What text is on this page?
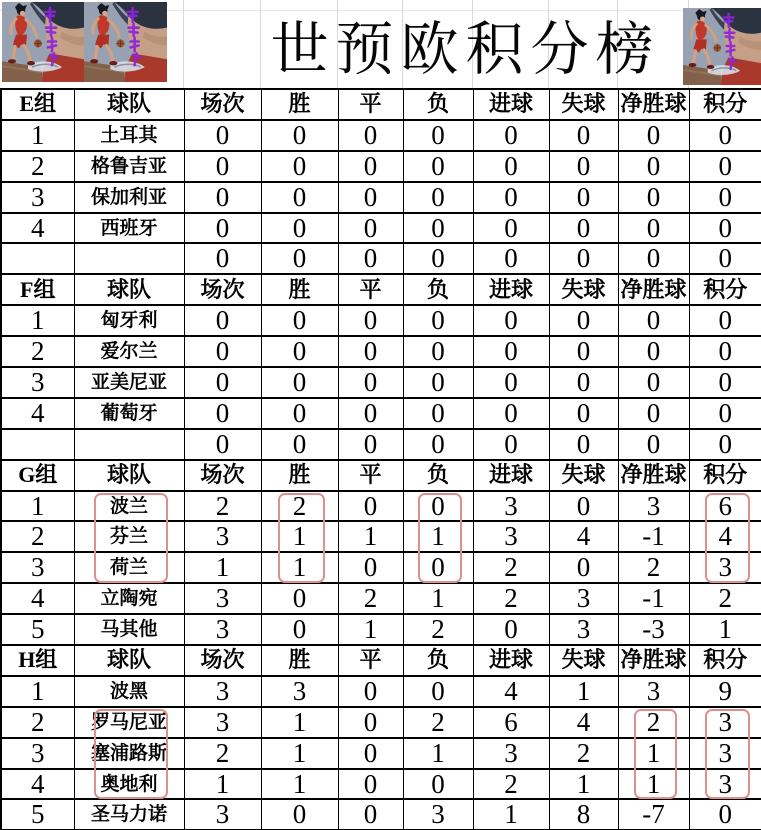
世预欧积分榜
E组	球队	场次	胜	平	负	进球	失球	净胜球	积分
1	土耳其	0	0	0	0	0	0	0	0
2	格鲁吉亚	0	0	0	0	0	0	0	0
3	保加利亚	0	0	0	0	0	0	0	0
4	西班牙	0	0	0	0	0	0	0	0
		0	0	0	0	0	0	0	0
F组	球队	场次	胜	平	负	进球	失球	净胜球	积分
1	匈牙利	0	0	0	0	0	0	0	0
2	爱尔兰	0	0	0	0	0	0	0	0
3	亚美尼亚	0	0	0	0	0	0	0	0
4	葡萄牙	0	0	0	0	0	0	0	0
		0	0	0	0	0	0	0	0
G组	球队	场次	胜	平	负	进球	失球	净胜球	积分
1	波兰	2	2	0	0	3	0	3	6
2	芬兰	3	1	1	1	3	4	-1	4
3	荷兰	1	1	0	0	2	0	2	3
4	立陶宛	3	0	2	1	2	3	-1	2
5	马其他	3	0	1	2	0	3	-3	1
H组	球队	场次	胜	平	负	进球	失球	净胜球	积分
1	波黑	3	3	0	0	4	1	3	9
2	罗马尼亚	3	1	0	2	6	4	2	3
3	塞浦路斯	2	1	0	1	3	2	1	3
4	奥地利	1	1	0	0	2	1	1	3
5	圣马力诺	3	0	0	3	1	8	-7	0
